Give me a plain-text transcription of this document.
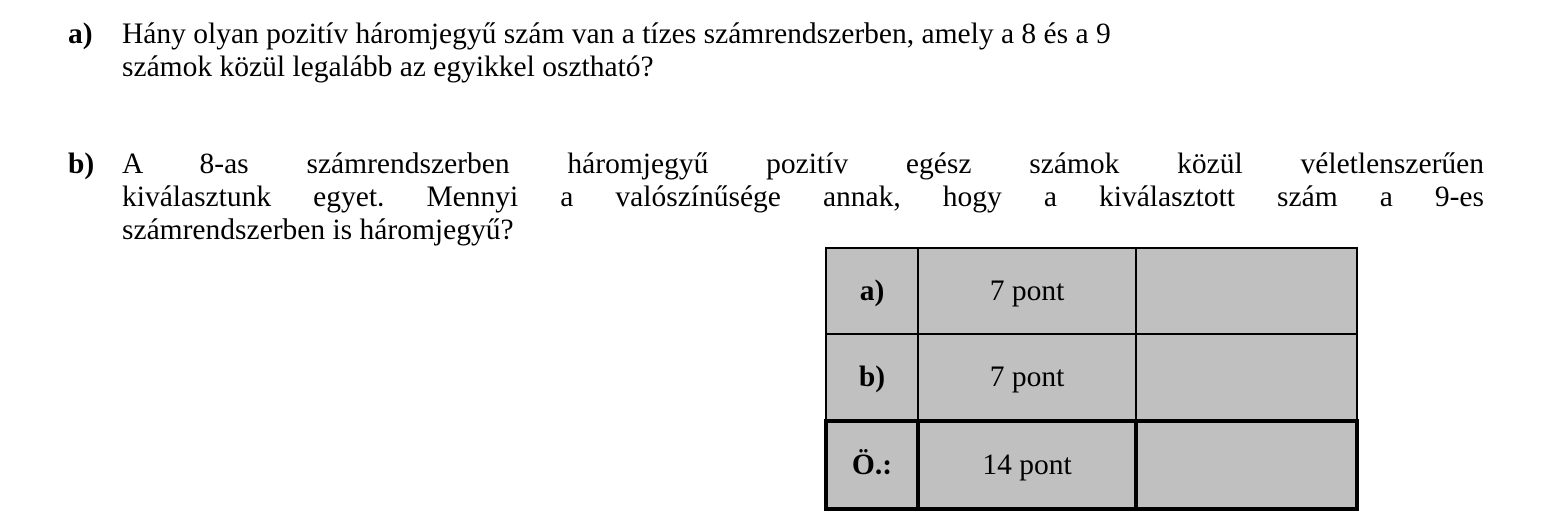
a) Hány olyan pozitív háromjegyű szám van a tízes számrendszerben, amely a 8 és a 9
számok közül legalább az egyikkel osztható?
b) A 8-as számrendszerben háromjegyű pozitív egész számok közül véletlenszerűen
kiválasztunk egyet. Mennyi a valószínűsége annak, hogy a kiválasztott szám a 9-es
számrendszerben is háromjegyű?
a)	7 pont	
b)	7 pont	
Ö.:	14 pont	
